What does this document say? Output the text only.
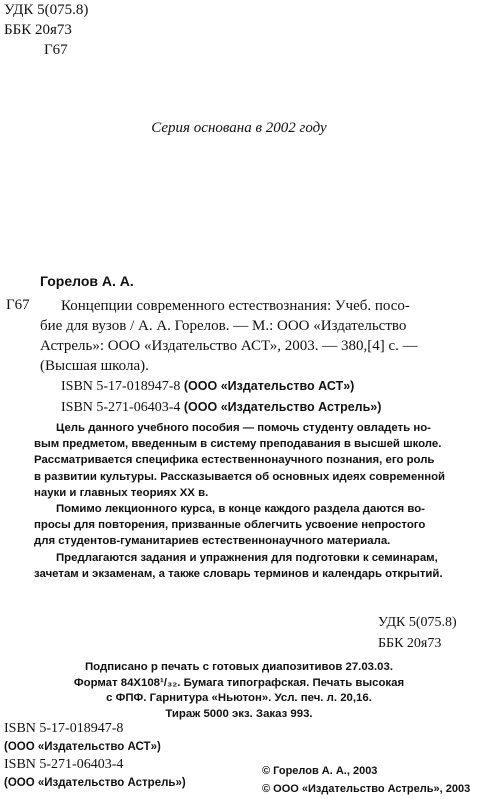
УДК 5(075.8)
ББК 20я73
Г67
Серия основана в 2002 году
Горелов А. А.
Г67	Концепции современного естествознания: Учеб. посо-
бие для вузов / А. А. Горелов. — М.: ООО «Издательство
Астрель»: ООО «Издательство АСТ», 2003. — 380,[4] с. —
(Высшая школа).
ISBN 5-17-018947-8 (ООО «Издательство АСТ»)
ISBN 5-271-06403-4 (ООО «Издательство Астрель»)
Цель данного учебного пособия — помочь студенту овладеть но-
вым предметом, введенным в систему преподавания в высшей школе.
Рассматривается специфика естественнонаучного познания, его роль
в развитии культуры. Рассказывается об основных идеях современной
науки и главных теориях XX в.
Помимо лекционного курса, в конце каждого раздела даются во-
просы для повторения, призванные облегчить усвоение непростого
для студентов-гуманитариев естественнонаучного материала.
Предлагаются задания и упражнения для подготовки к семинарам,
зачетам и экзаменам, а также словарь терминов и календарь открытий.
УДК 5(075.8)
ББК 20я73
Подписано р печать с готовых диапозитивов 27.03.03.
Формат 84X108¹/₃₂. Бумага типографская. Печать высокая
с ФПФ. Гарнитура «Ньютон». Усл. печ. л. 20,16.
Тираж 5000 экз. Заказ 993.
ISBN 5-17-018947-8
(ООО «Издательство АСТ»)
ISBN 5-271-06403-4
(ООО «Издательство Астрель»)
© Горелов А. А., 2003
© ООО «Издательство Астрель», 2003
